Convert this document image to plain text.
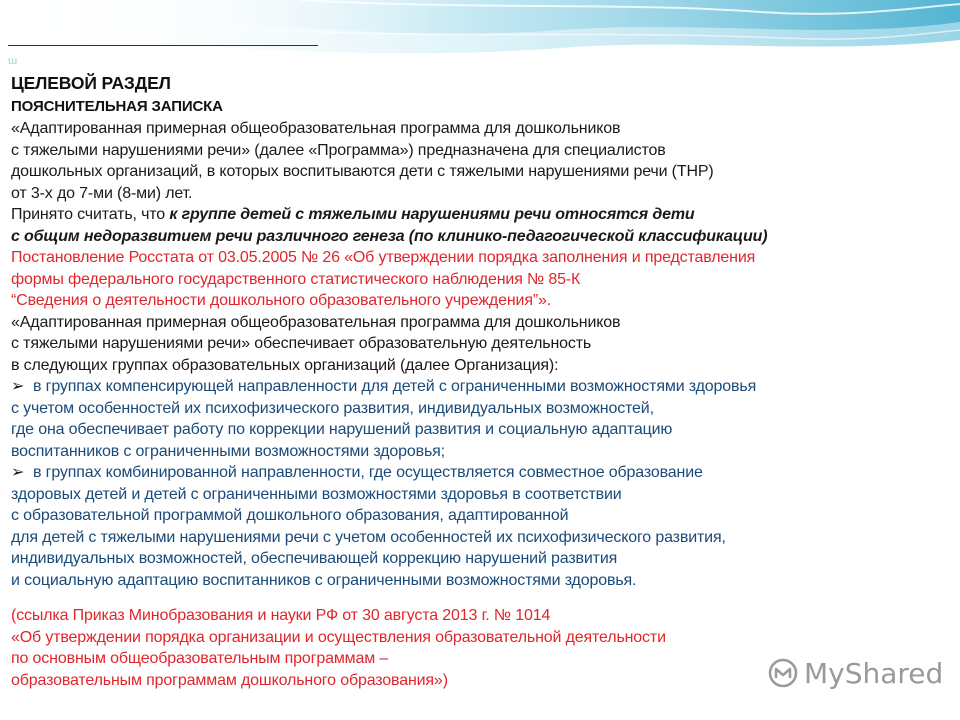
ɯ
ЦЕЛЕВОЙ РАЗДЕЛ
ПОЯСНИТЕЛЬНАЯ ЗАПИСКА
«Адаптированная примерная общеобразовательная программа для дошкольников
с тяжелыми нарушениями речи» (далее «Программа») предназначена для специалистов
дошкольных организаций, в которых воспитываются дети с тяжелыми нарушениями речи (ТНР)
от 3-х до 7-ми (8-ми) лет.
Принято считать, что к группе детей с тяжелыми нарушениями речи относятся дети
с общим недоразвитием речи различного генеза (по клинико-педагогической классификации)
Постановление Росстата от 03.05.2005 № 26 «Об утверждении порядка заполнения и представления
формы федерального государственного статистического наблюдения № 85-К
“Сведения о деятельности дошкольного образовательного учреждения”».
«Адаптированная примерная общеобразовательная программа для дошкольников
с тяжелыми нарушениями речи» обеспечивает образовательную деятельность
в следующих группах образовательных организаций (далее Организация):
➢ в группах компенсирующей направленности для детей с ограниченными возможностями здоровья
с учетом особенностей их психофизического развития, индивидуальных возможностей,
где она обеспечивает работу по коррекции нарушений развития и социальную адаптацию
воспитанников с ограниченными возможностями здоровья;
➢ в группах комбинированной направленности, где осуществляется совместное образование
здоровых детей и детей с ограниченными возможностями здоровья в соответствии
с образовательной программой дошкольного образования, адаптированной
для детей с тяжелыми нарушениями речи с учетом особенностей их психофизического развития,
индивидуальных возможностей, обеспечивающей коррекцию нарушений развития
и социальную адаптацию воспитанников с ограниченными возможностями здоровья.
(ссылка Приказ Минобразования и науки РФ от 30 августа 2013 г. № 1014
«Об утверждении порядка организации и осуществления образовательной деятельности
по основным общеобразовательным программам –
образовательным программам дошкольного образования»)	MyShared
